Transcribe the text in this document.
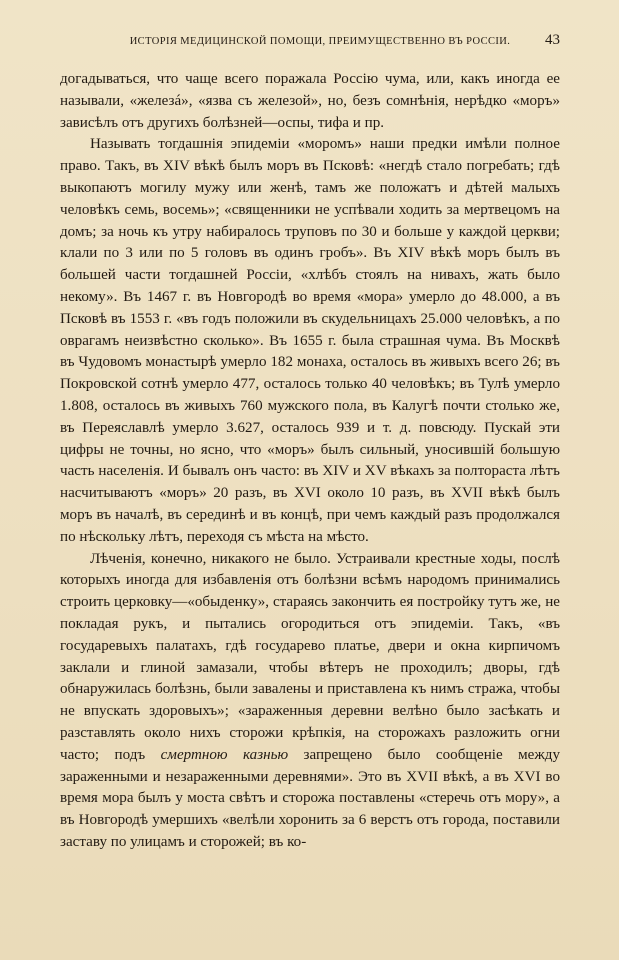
ИСТОРІЯ МЕДИЦИНСКОЙ ПОМОЩИ, ПРЕИМУЩЕСТВЕННО ВЪ РОССІИ.	43

догадываться, что чаще всего поражала Россію чума, или, какъ иногда ее называли, «железá», «язва съ железой», но, безъ сомнѣнія, нерѣдко «моръ» зависѣлъ отъ другихъ болѣзней—оспы, тифа и пр.

Называть тогдашнія эпидеміи «моромъ» наши предки имѣли полное право. Такъ, въ XIV вѣкѣ былъ моръ въ Псковѣ: «негдѣ стало погребать; гдѣ выкопаютъ могилу мужу или женѣ, тамъ же положатъ и дѣтей малыхъ человѣкъ семь, восемь»; «священники не успѣвали ходить за мертвецомъ на домъ; за ночь къ утру набиралось труповъ по 30 и больше у каждой церкви; клали по 3 или по 5 головъ въ одинъ гробъ». Въ XIV вѣкѣ моръ былъ въ большей части тогдашней Россіи, «хлѣбъ стоялъ на нивахъ, жать было некому». Въ 1467 г. въ Новгородѣ во время «мора» умерло до 48.000, а въ Псковѣ въ 1553 г. «въ годъ положили въ скудельницахъ 25.000 человѣкъ, а по оврагамъ неизвѣстно сколько». Въ 1655 г. была страшная чума. Въ Москвѣ въ Чудовомъ монастырѣ умерло 182 монаха, осталось въ живыхъ всего 26; въ Покровской сотнѣ умерло 477, осталось только 40 человѣкъ; въ Тулѣ умерло 1.808, осталось въ живыхъ 760 мужского пола, въ Калугѣ почти столько же, въ Переяславлѣ умерло 3.627, осталось 939 и т. д. повсюду. Пускай эти цифры не точны, но ясно, что «моръ» былъ сильный, уносившій большую часть населенія. И бывалъ онъ часто: въ XIV и XV вѣкахъ за полтораста лѣтъ насчитываютъ «моръ» 20 разъ, въ XVI около 10 разъ, въ XVII вѣкѣ былъ моръ въ началѣ, въ серединѣ и въ концѣ, при чемъ каждый разъ продолжался по нѣскольку лѣтъ, переходя съ мѣста на мѣсто.

Лѣченія, конечно, никакого не было. Устраивали крестные ходы, послѣ которыхъ иногда для избавленія отъ болѣзни всѣмъ народомъ принимались строить церковку—«обыденку», стараясь закончить ея постройку тутъ же, не покладая рукъ, и пытались огородиться отъ эпидеміи. Такъ, «въ государевыхъ палатахъ, гдѣ государево платье, двери и окна кирпичомъ заклали и глиной замазали, чтобы вѣтеръ не проходилъ; дворы, гдѣ обнаружилась болѣзнь, были завалены и приставлена къ нимъ стража, чтобы не впускать здоровыхъ»; «зараженныя деревни велѣно было засѣкать и разставлять около нихъ сторожи крѣпкія, на сторожахъ разложить огни часто; подъ смертною казнью запрещено было сообщеніе между зараженными и незараженными деревнями». Это въ XVII вѣкѣ, а въ XVI во время мора былъ у моста свѣтъ и сторожа поставлены «стеречь отъ мору», а въ Новгородѣ умершихъ «велѣли хоронить за 6 верстъ отъ города, поставили заставу по улицамъ и сторожей; въ ко-
